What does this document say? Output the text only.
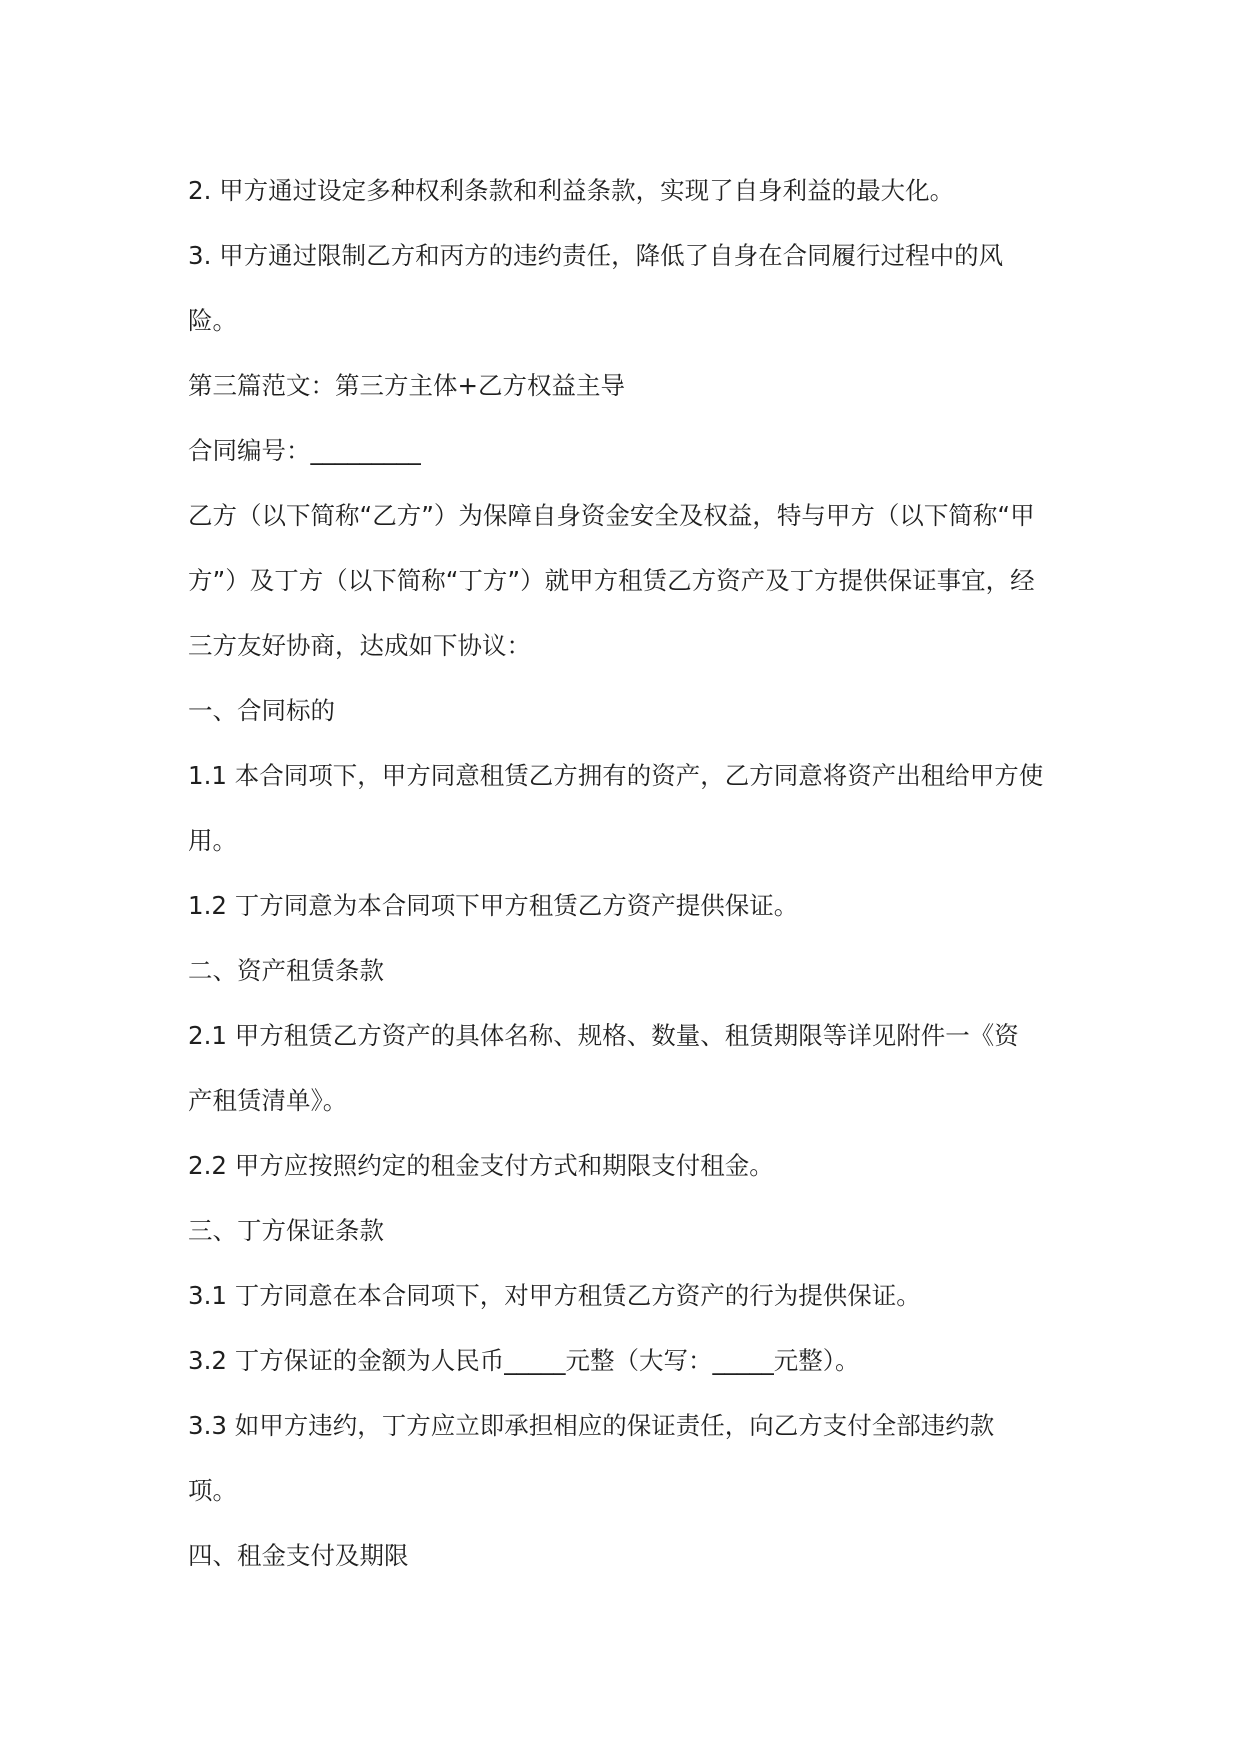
2. 甲方通过设定多种权利条款和利益条款，实现了自身利益的最大化。

3. 甲方通过限制乙方和丙方的违约责任，降低了自身在合同履行过程中的风

险。

第三篇范文：第三方主体+乙方权益主导

合同编号：_________

乙方（以下简称“乙方”）为保障自身资金安全及权益，特与甲方（以下简称“甲

方”）及丁方（以下简称“丁方”）就甲方租赁乙方资产及丁方提供保证事宜，经

三方友好协商，达成如下协议：

一、合同标的

1.1 本合同项下，甲方同意租赁乙方拥有的资产，乙方同意将资产出租给甲方使

用。

1.2 丁方同意为本合同项下甲方租赁乙方资产提供保证。

二、资产租赁条款

2.1 甲方租赁乙方资产的具体名称、规格、数量、租赁期限等详见附件一《资

产租赁清单》。

2.2 甲方应按照约定的租金支付方式和期限支付租金。

三、丁方保证条款

3.1 丁方同意在本合同项下，对甲方租赁乙方资产的行为提供保证。

3.2 丁方保证的金额为人民币_____元整（大写：_____元整）。

3.3 如甲方违约，丁方应立即承担相应的保证责任，向乙方支付全部违约款

项。

四、租金支付及期限
